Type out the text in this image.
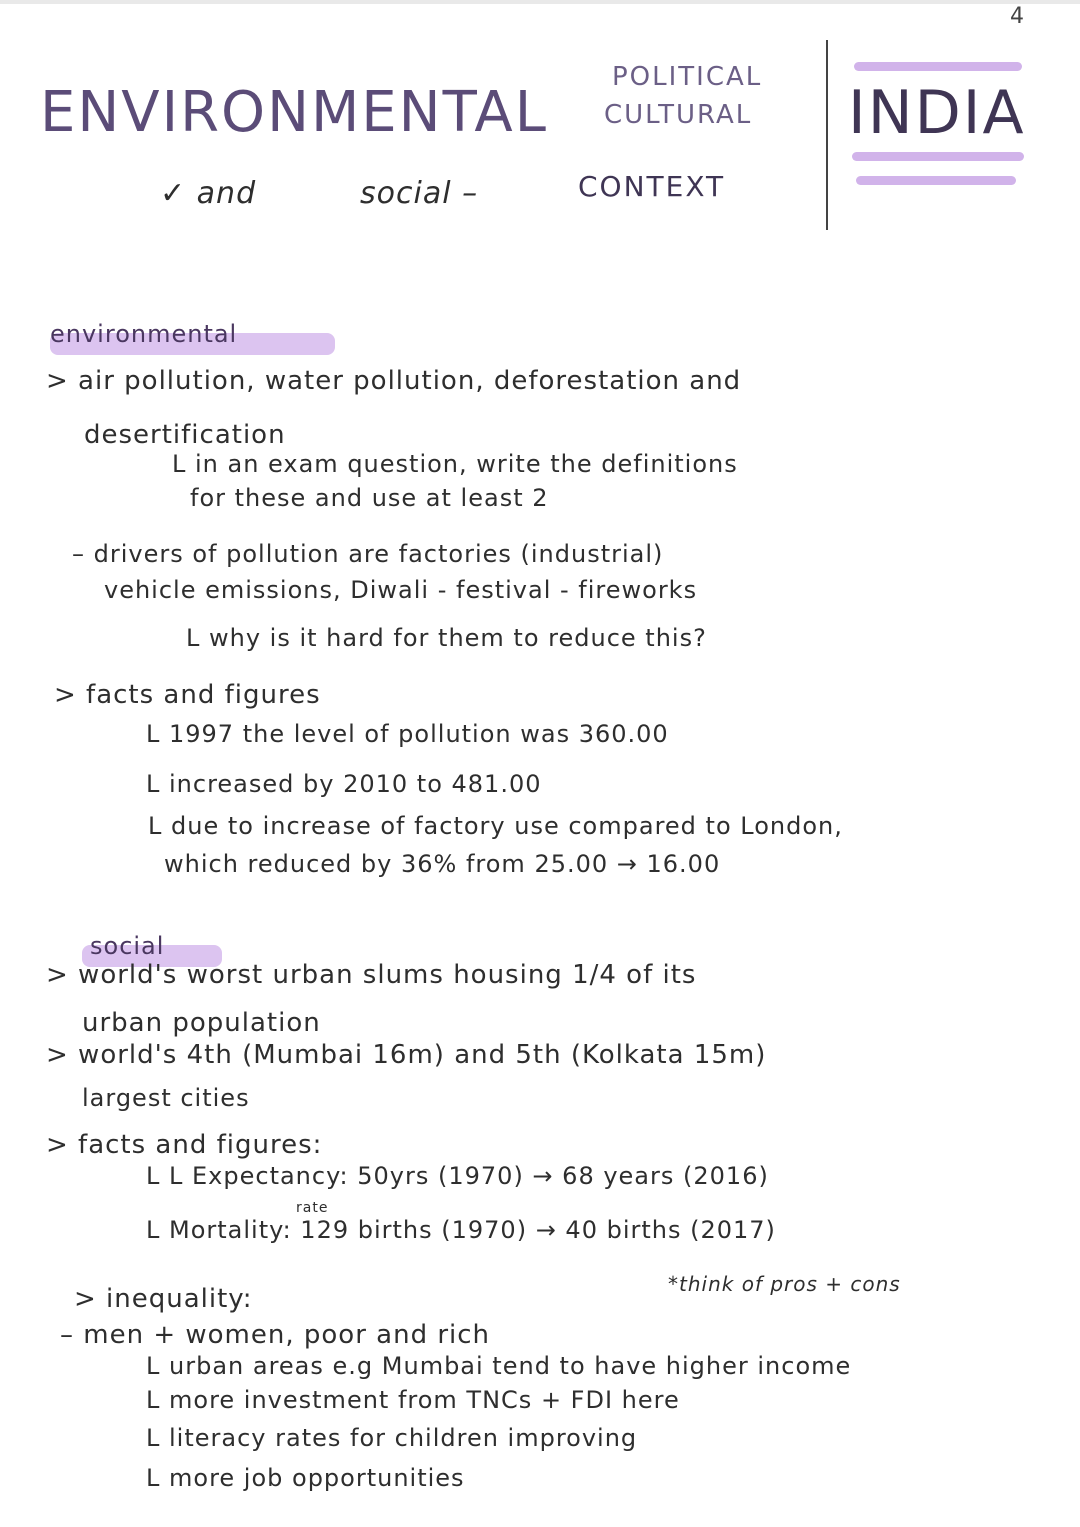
4
ENVIRONMENTAL
POLITICAL
CULTURAL
✓ and	social –	CONTEXT
INDIA
environmental
> air pollution, water pollution, deforestation and
desertification
L in an exam question, write the definitions
for these and use at least 2
– drivers of pollution are factories (industrial)
vehicle emissions, Diwali - festival - fireworks
L why is it hard for them to reduce this?
> facts and figures
L 1997 the level of pollution was 360.00
L increased by 2010 to 481.00
L due to increase of factory use compared to London,
which reduced by 36% from 25.00 → 16.00
social
> world's worst urban slums housing 1/4 of its
urban population
> world's 4th (Mumbai 16m) and 5th (Kolkata 15m)
largest cities
> facts and figures:
L L Expectancy: 50yrs (1970) → 68 years (2016)
rate
L Mortality: 129 births (1970) → 40 births (2017)
> inequality:	*think of pros + cons
– men + women, poor and rich
L urban areas e.g Mumbai tend to have higher income
L more investment from TNCs + FDI here
L literacy rates for children improving
L more job opportunities
